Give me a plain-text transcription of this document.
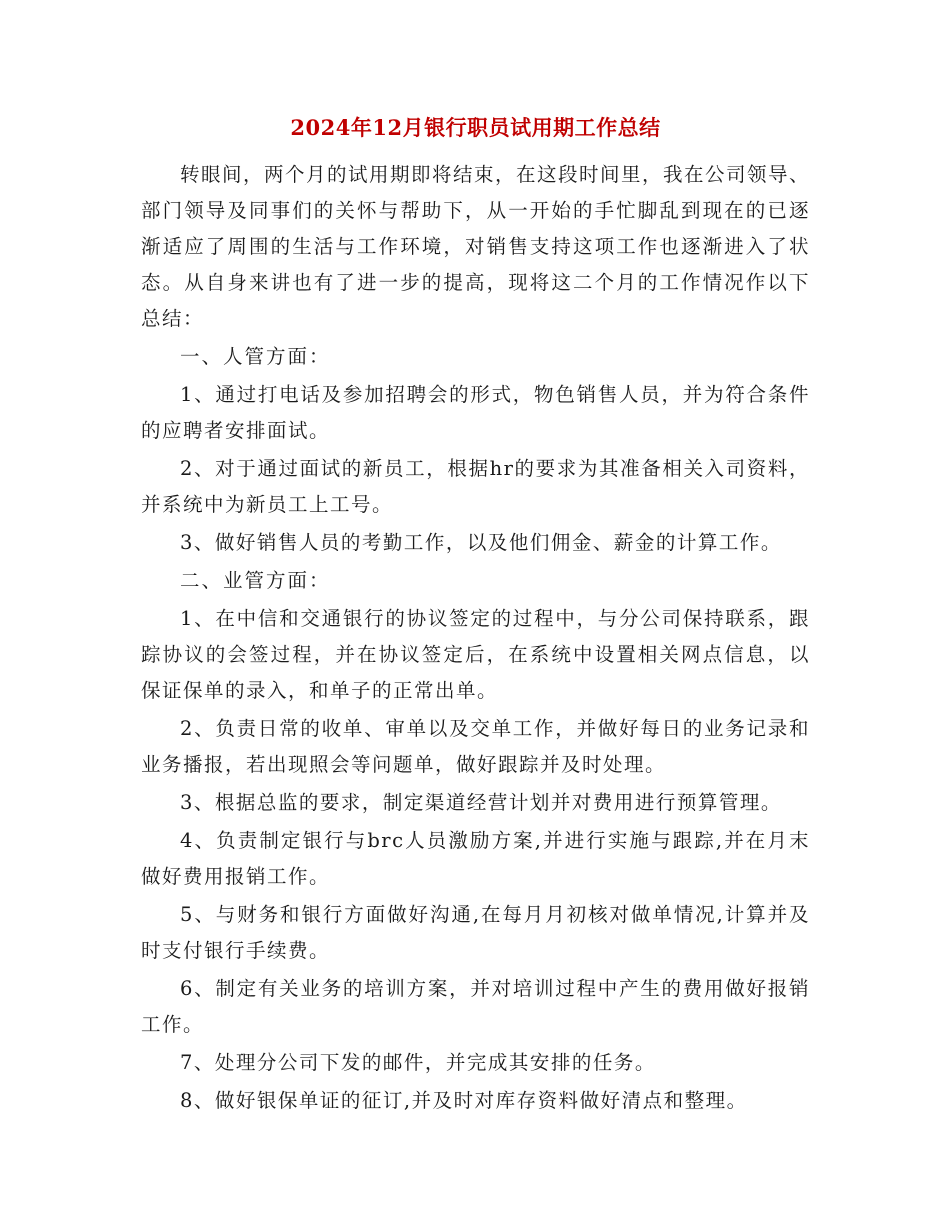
2024年12月银行职员试用期工作总结

转眼间，两个月的试用期即将结束，在这段时间里，我在公司领导、部门领导及同事们的关怀与帮助下，从一开始的手忙脚乱到现在的已逐渐适应了周围的生活与工作环境，对销售支持这项工作也逐渐进入了状态。从自身来讲也有了进一步的提高，现将这二个月的工作情况作以下总结：

一、人管方面：

1、通过打电话及参加招聘会的形式，物色销售人员，并为符合条件的应聘者安排面试。

2、对于通过面试的新员工，根据hr的要求为其准备相关入司资料，并系统中为新员工上工号。

3、做好销售人员的考勤工作，以及他们佣金、薪金的计算工作。

二、业管方面：

1、在中信和交通银行的协议签定的过程中，与分公司保持联系，跟踪协议的会签过程，并在协议签定后，在系统中设置相关网点信息，以保证保单的录入，和单子的正常出单。

2、负责日常的收单、审单以及交单工作，并做好每日的业务记录和业务播报，若出现照会等问题单，做好跟踪并及时处理。

3、根据总监的要求，制定渠道经营计划并对费用进行预算管理。

4、负责制定银行与brc人员激励方案,并进行实施与跟踪,并在月末做好费用报销工作。

5、与财务和银行方面做好沟通,在每月月初核对做单情况,计算并及时支付银行手续费。

6、制定有关业务的培训方案，并对培训过程中产生的费用做好报销工作。

7、处理分公司下发的邮件，并完成其安排的任务。

8、做好银保单证的征订,并及时对库存资料做好清点和整理。
